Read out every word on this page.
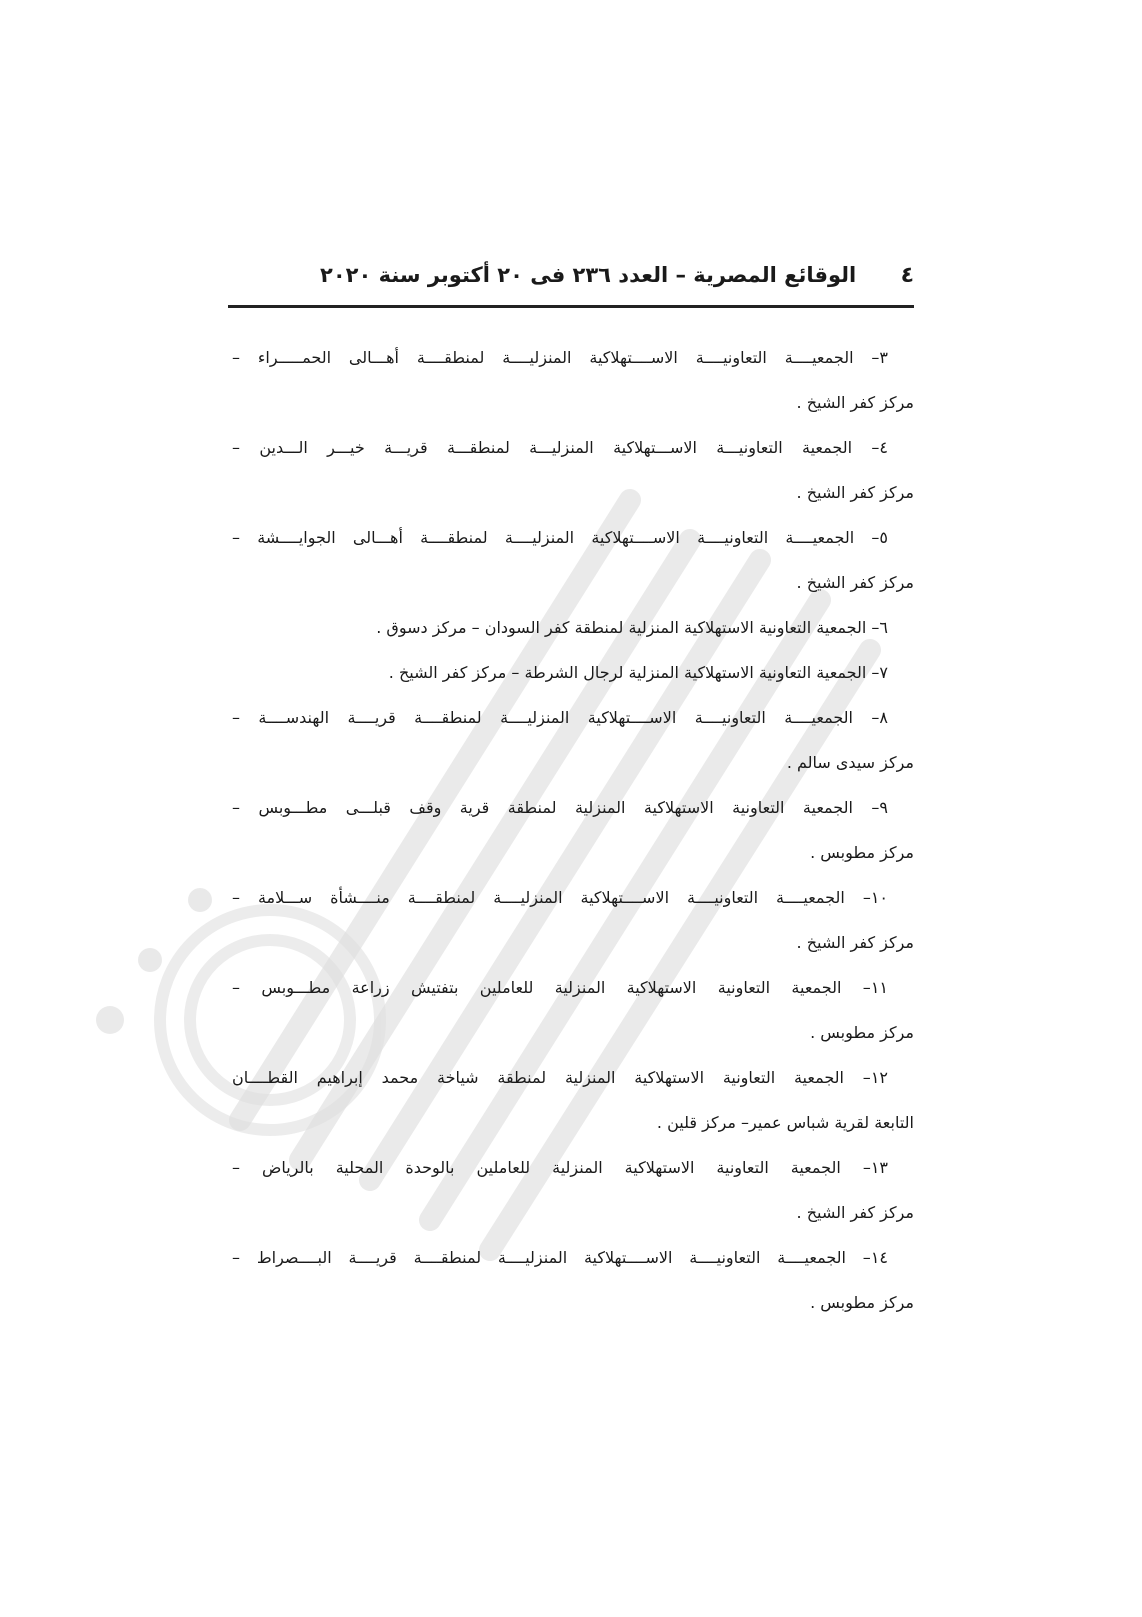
٤
الوقائع المصرية – العدد ٢٣٦ فى ٢٠ أكتوبر سنة ٢٠٢٠

٣– الجمعيــــة التعاونيــــة الاســــتهلاكية المنزليــــة لمنطقــــة أهـــالى الحمـــــراء –
مركز كفر الشيخ .

٤– الجمعية التعاونيـــة الاســـتهلاكية المنزليـــة لمنطقـــة قريـــة خيـــر الـــدين –
مركز كفر الشيخ .

٥– الجمعيــــة التعاونيــــة الاســــتهلاكية المنزليــــة لمنطقــــة أهـــالى الجوايــــشة –
مركز كفر الشيخ .

٦– الجمعية التعاونية الاستهلاكية المنزلية لمنطقة كفر السودان – مركز دسوق .

٧– الجمعية التعاونية الاستهلاكية المنزلية لرجال الشرطة – مركز كفر الشيخ .

٨– الجمعيــــة التعاونيــــة الاســــتهلاكية المنزليــــة لمنطقــــة قريــــة الهندســــة –
مركز سيدى سالم .

٩– الجمعية التعاونية الاستهلاكية المنزلية لمنطقة قرية وقف قبلـــى مطـــوبس –
مركز مطوبس .

١٠– الجمعيــــة التعاونيــــة الاســــتهلاكية المنزليــــة لمنطقــــة منــــشأة ســـلامة –
مركز كفر الشيخ .

١١– الجمعية التعاونية الاستهلاكية المنزلية للعاملين بتفتيش زراعة مطـــوبس –
مركز مطوبس .

١٢– الجمعية التعاونية الاستهلاكية المنزلية لمنطقة شياخة محمد إبراهيم القطــــان
التابعة لقرية شباس عمير– مركز قلين .

١٣– الجمعية التعاونية الاستهلاكية المنزلية للعاملين بالوحدة المحلية بالرياض –
مركز كفر الشيخ .

١٤– الجمعيــــة التعاونيــــة الاســــتهلاكية المنزليــــة لمنطقــــة قريــــة البــــصراط –
مركز مطوبس .
